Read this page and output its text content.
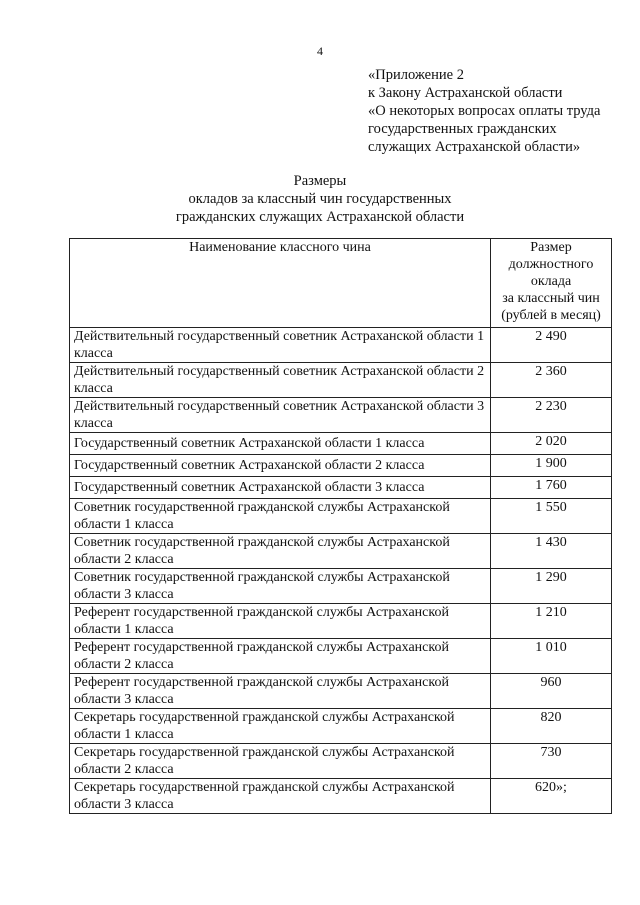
4
«Приложение 2
к Закону Астраханской области
«О некоторых вопросах оплаты труда
государственных гражданских
служащих Астраханской области»
Размеры
окладов за классный чин государственных
гражданских служащих Астраханской области
Наименование классного чина	Размер
должностного
оклада
за классный чин
(рублей в месяц)

Действительный государственный советник Астраханской области 1 класса	2 490
Действительный государственный советник Астраханской области 2 класса	2 360
Действительный государственный советник Астраханской области 3 класса	2 230
Государственный советник Астраханской области 1 класса	2 020
Государственный советник Астраханской области 2 класса	1 900
Государственный советник Астраханской области 3 класса	1 760
Советник государственной гражданской службы Астраханской области 1 класса	1 550
Советник государственной гражданской службы Астраханской области 2 класса	1 430
Советник государственной гражданской службы Астраханской области 3 класса	1 290
Референт государственной гражданской службы Астраханской области 1 класса	1 210
Референт государственной гражданской службы Астраханской области 2 класса	1 010
Референт государственной гражданской службы Астраханской области 3 класса	960
Секретарь государственной гражданской службы Астраханской области 1 класса	820
Секретарь государственной гражданской службы Астраханской области 2 класса	730
Секретарь государственной гражданской службы Астраханской области 3 класса	620»;
